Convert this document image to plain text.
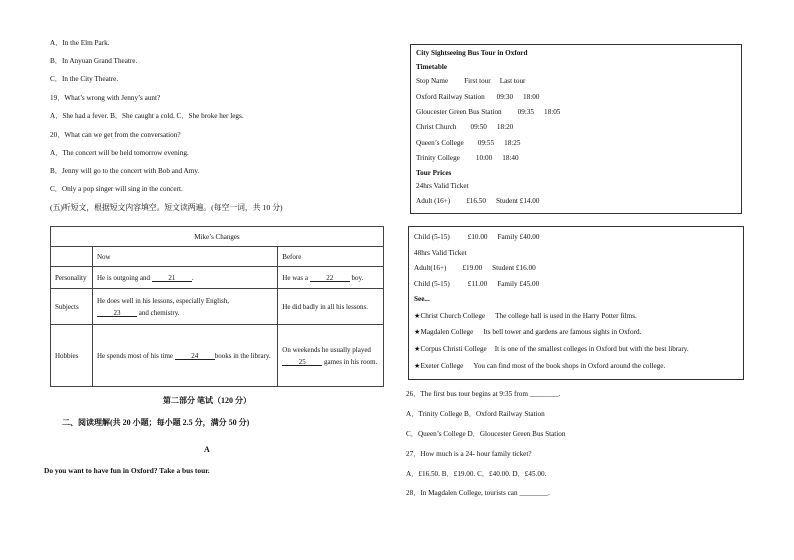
A．In the Elm Park.
B．In Anyuan Grand Theatre.
C．In the City Theatre.
19．What’s wrong with Jenny’s aunt?
A．She had a fever. B．She caught a cold. C．She broke her legs.
20．What can we get from the conversation?
A．The concert will be held tomorrow evening.
B．Jenny will go to the concert with Bob and Amy.
C．Only a pop singer will sing in the concert.
(五)听短文，根据短文内容填空。短文读两遍。(每空一词，共 10 分)
Mike’s Changes		
	Now	Before
Personality	He is outgoing and 21 .	He was a 22 boy.
Subjects	He does well in his lessons, especially English,
23 and chemistry.	He did badly in all his lessons.
Hobbies	He spends most of his time 24 books in the library.	On weekends he usually played
25 games in his room.
第二部分 笔试（120 分）
二、阅读理解(共 20 小题；每小题 2.5 分，满分 50 分)
A
Do you want to have fun in Oxford? Take a bus tour.
City Sightseeing Bus Tour in Oxford
Timetable
Stop Name First tour Last tour
Oxford Railway Station 09:30 18:00
Gloucester Green Bus Station 09:35 18:05
Christ Church 09:50 18:20
Queen’s College 09:55 18:25
Trinity College 10:00 18:40
Tour Prices
24hrs Valid Ticket
Adult (16+) £16.50 Student £14.00
Child (5-15)	£10.00 Family £40.00
48hrs Valid Ticket
Adult(16+) £19.00 Student £16.00
Child (5-15)	£11.00 Family £45.00
See...
★Christ Church College The college hall is used in the Harry Potter films.
★Magdalen College Its bell tower and gardens are famous sights in Oxford.
★Corpus Christi College It is one of the smallest colleges in Oxford but with the best library.
★Exeter College You can find most of the book shops in Oxford around the college.
26．The first bus tour begins at 9:35 from ________.
A．Trinity College B．Oxford Railway Station
C．Queen’s College D．Gloucester Green Bus Station
27．How much is a 24- hour family ticket?
A．£16.50. B．£19.00. C．£40.00. D．£45.00.
28．In Magdalen College, tourists can ________.
